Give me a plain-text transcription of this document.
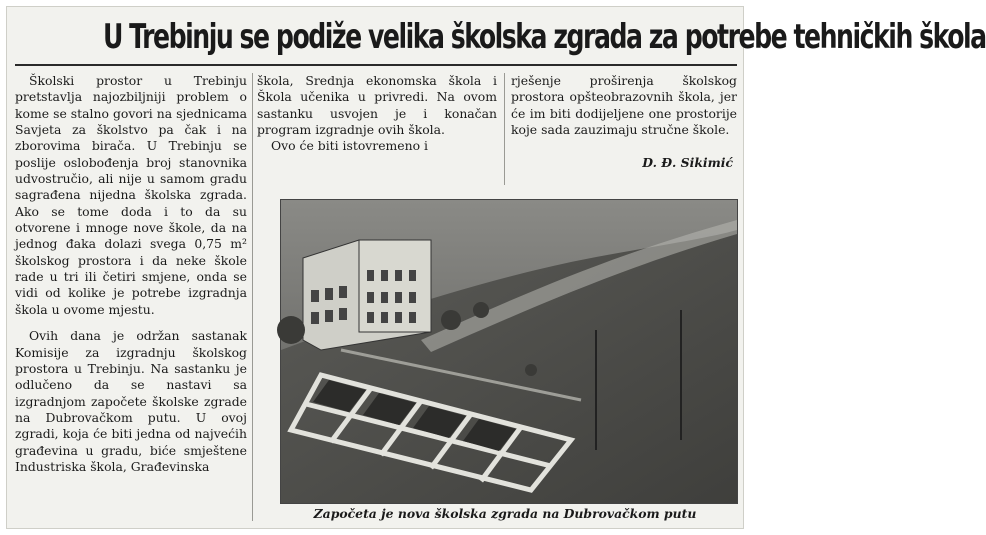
U Trebinju se podiže velika školska zgrada za potrebe tehničkih škola

Školski prostor u Trebinju pretstavlja najozbiljniji problem o kome se stalno govori na sjednicama Savjeta za školstvo pa čak i na zborovima birača. U Trebinju se poslije oslobođenja broj stanovnika udvostručio, ali nije u samom gradu sagrađena nijedna školska zgrada. Ako se tome doda i to da su otvorene i mnoge nove škole, da na jednog đaka dolazi svega 0,75 m² školskog prostora i da neke škole rade u tri ili četiri smjene, onda se vidi od kolike je potrebe izgradnja škola u ovome mjestu.

Ovih dana je održan sastanak Komisije za izgradnju školskog prostora u Trebinju. Na sastanku je odlučeno da se nastavi sa izgradnjom započete školske zgrade na Dubrovačkom putu. U ovoj zgradi, koja će biti jedna od najvećih građevina u gradu, biće smještene Industriska škola, Građevinska

škola, Srednja ekonomska škola i Škola učenika u privredi. Na ovom sastanku usvojen je i konačan program izgradnje ovih škola.

Ovo će biti istovremeno i

rješenje proširenja školskog prostora opšteobrazovnih škola, jer će im biti dodijeljene one prostorije koje sada zauzimaju stručne škole.

D. Đ. Sikimić
Započeta je nova školska zgrada na Dubrovačkom putu
